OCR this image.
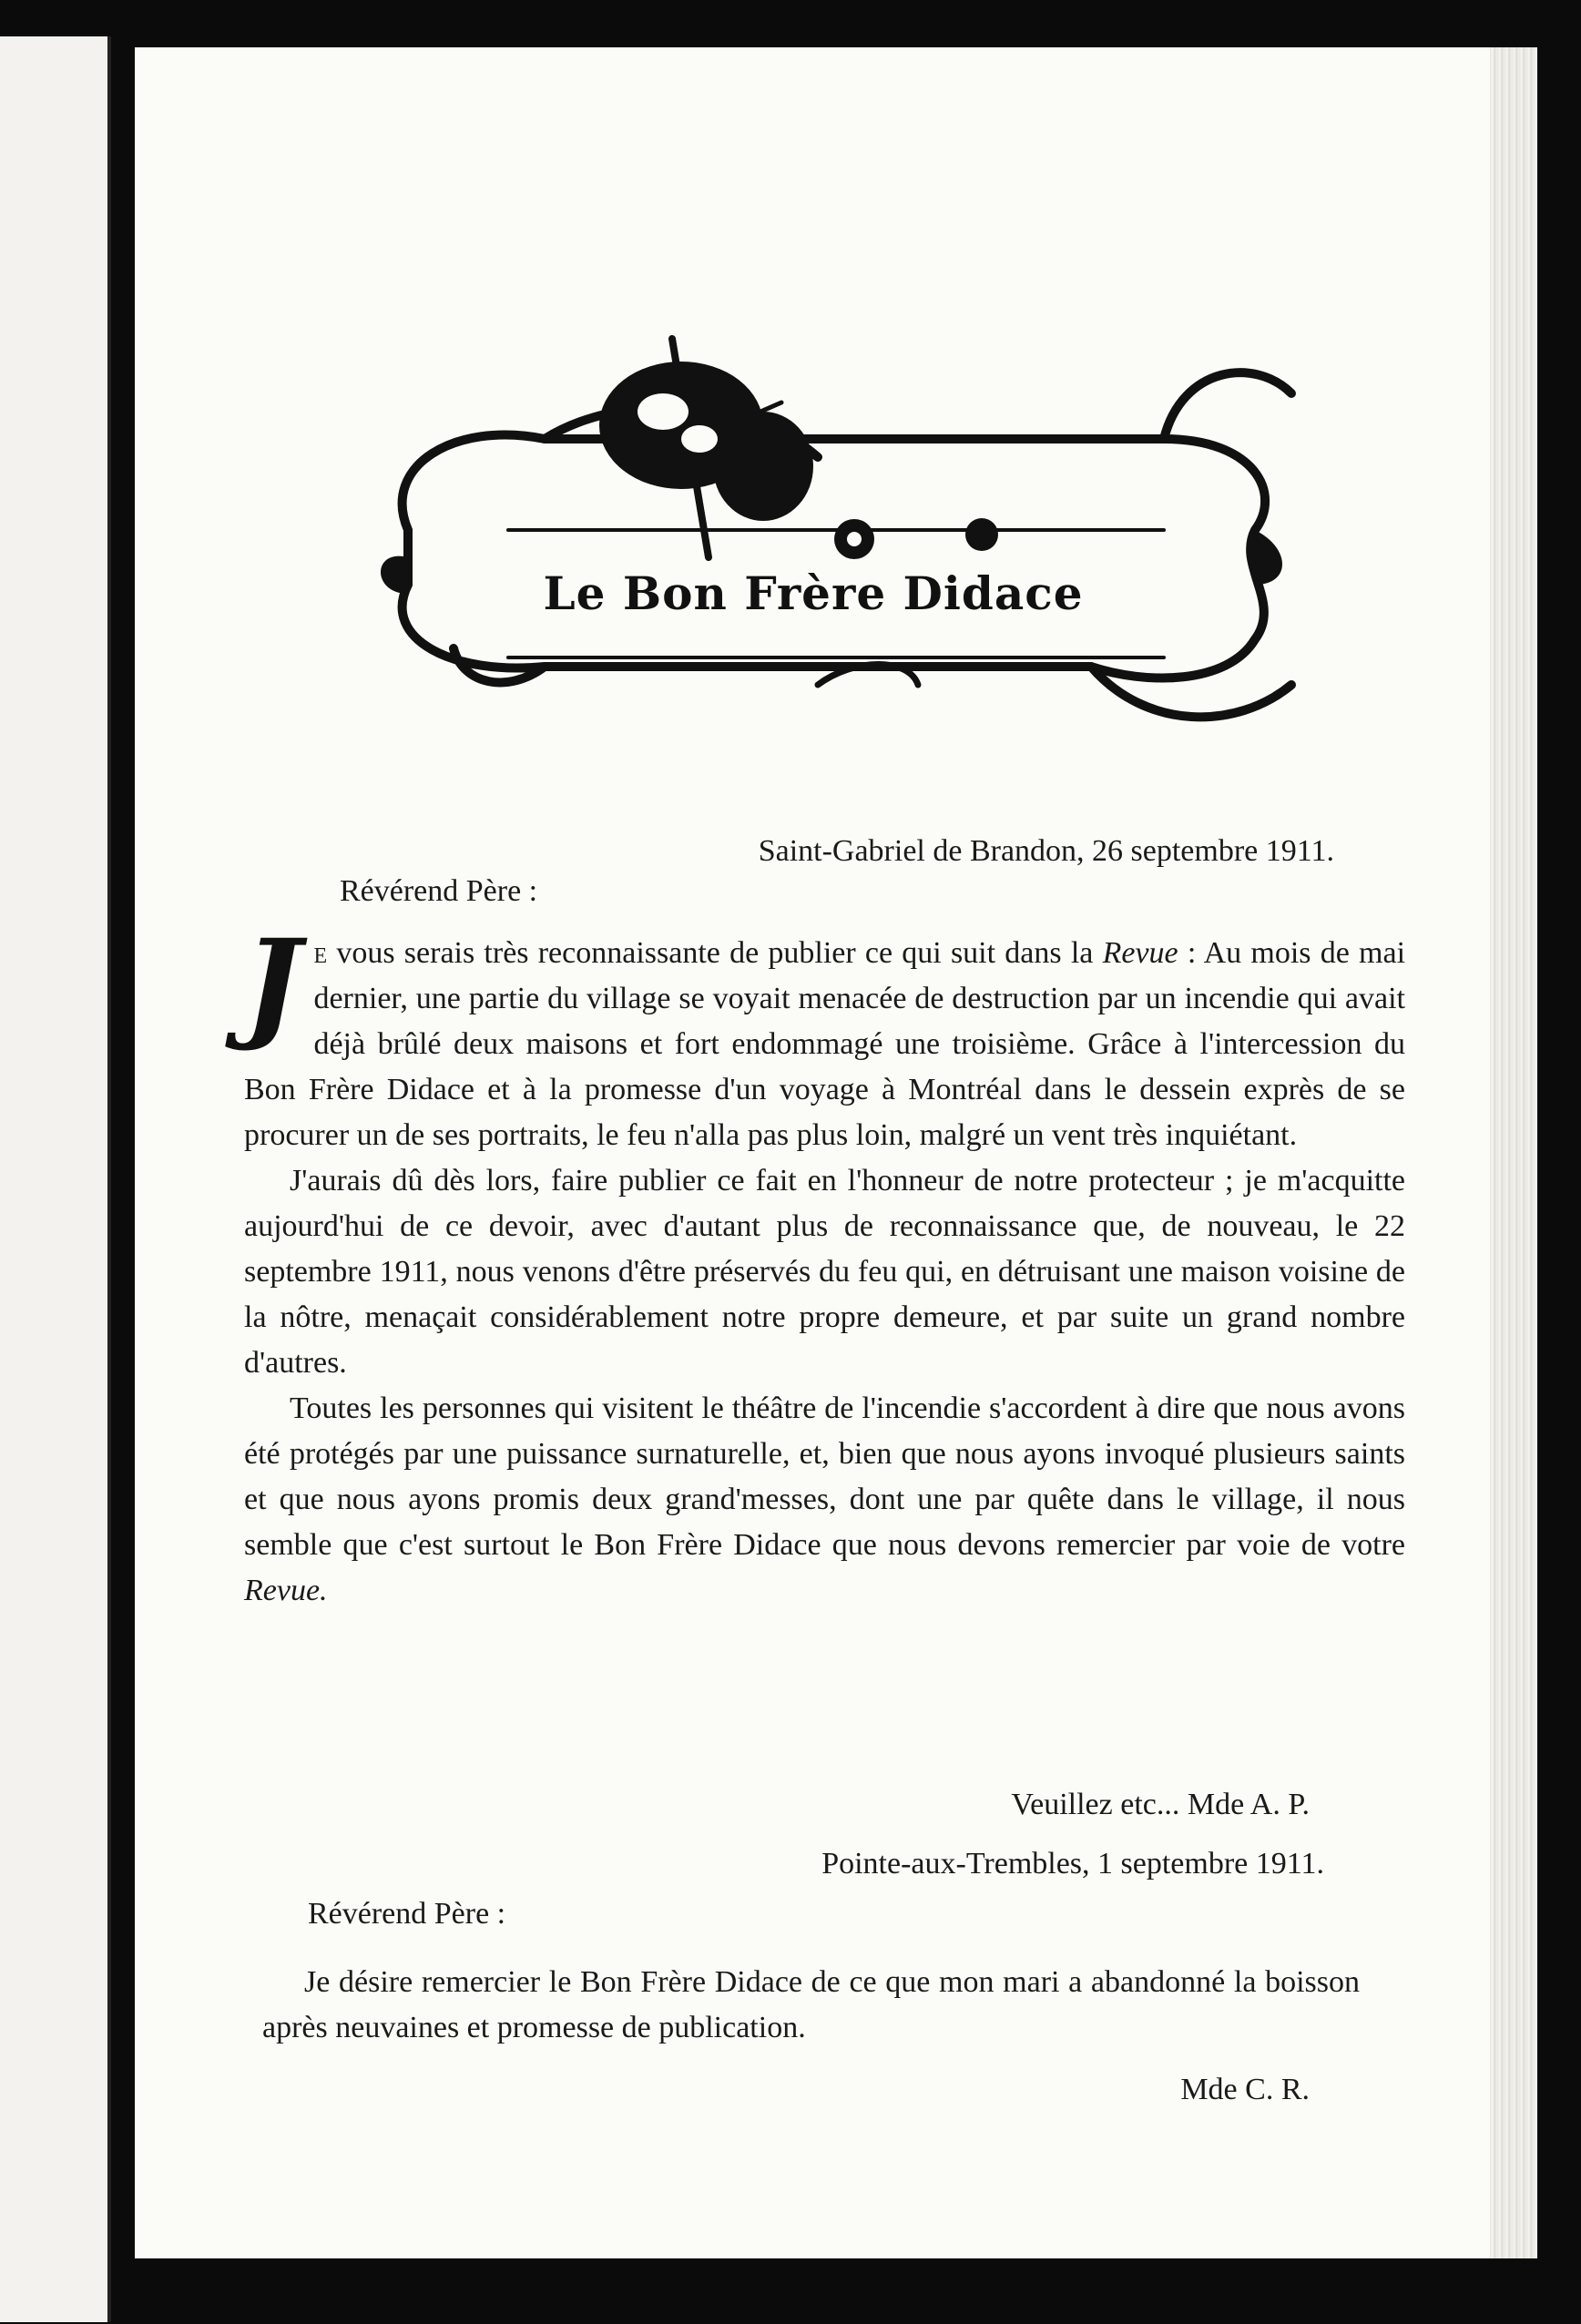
Le Bon Frère Didace
Saint-Gabriel de Brandon, 26 septembre 1911.
Révérend Père :

Je vous serais très reconnaissante de publier ce qui suit dans la Revue : Au mois de mai dernier, une partie du village se voyait menacée de destruction par un incendie qui avait déjà brûlé deux maisons et fort endommagé une troisième. Grâce à l'intercession du Bon Frère Didace et à la promesse d'un voyage à Montréal dans le dessein exprès de se procurer un de ses portraits, le feu n'alla pas plus loin, malgré un vent très inquiétant.

J'aurais dû dès lors, faire publier ce fait en l'honneur de notre protecteur ; je m'acquitte aujourd'hui de ce devoir, avec d'autant plus de reconnaissance que, de nouveau, le 22 septembre 1911, nous venons d'être préservés du feu qui, en détruisant une maison voisine de la nôtre, menaçait considérablement notre propre demeure, et par suite un grand nombre d'autres.

Toutes les personnes qui visitent le théâtre de l'incendie s'accordent à dire que nous avons été protégés par une puissance surnaturelle, et, bien que nous ayons invoqué plusieurs saints et que nous ayons promis deux grand'messes, dont une par quête dans le village, il nous semble que c'est surtout le Bon Frère Didace que nous devons remercier par voie de votre Revue.

Veuillez etc... Mde A. P.
Pointe-aux-Trembles, 1 septembre 1911.
Révérend Père :
Je désire remercier le Bon Frère Didace de ce que mon mari a abandonné la boisson après neuvaines et promesse de publication.
Mde C. R.
